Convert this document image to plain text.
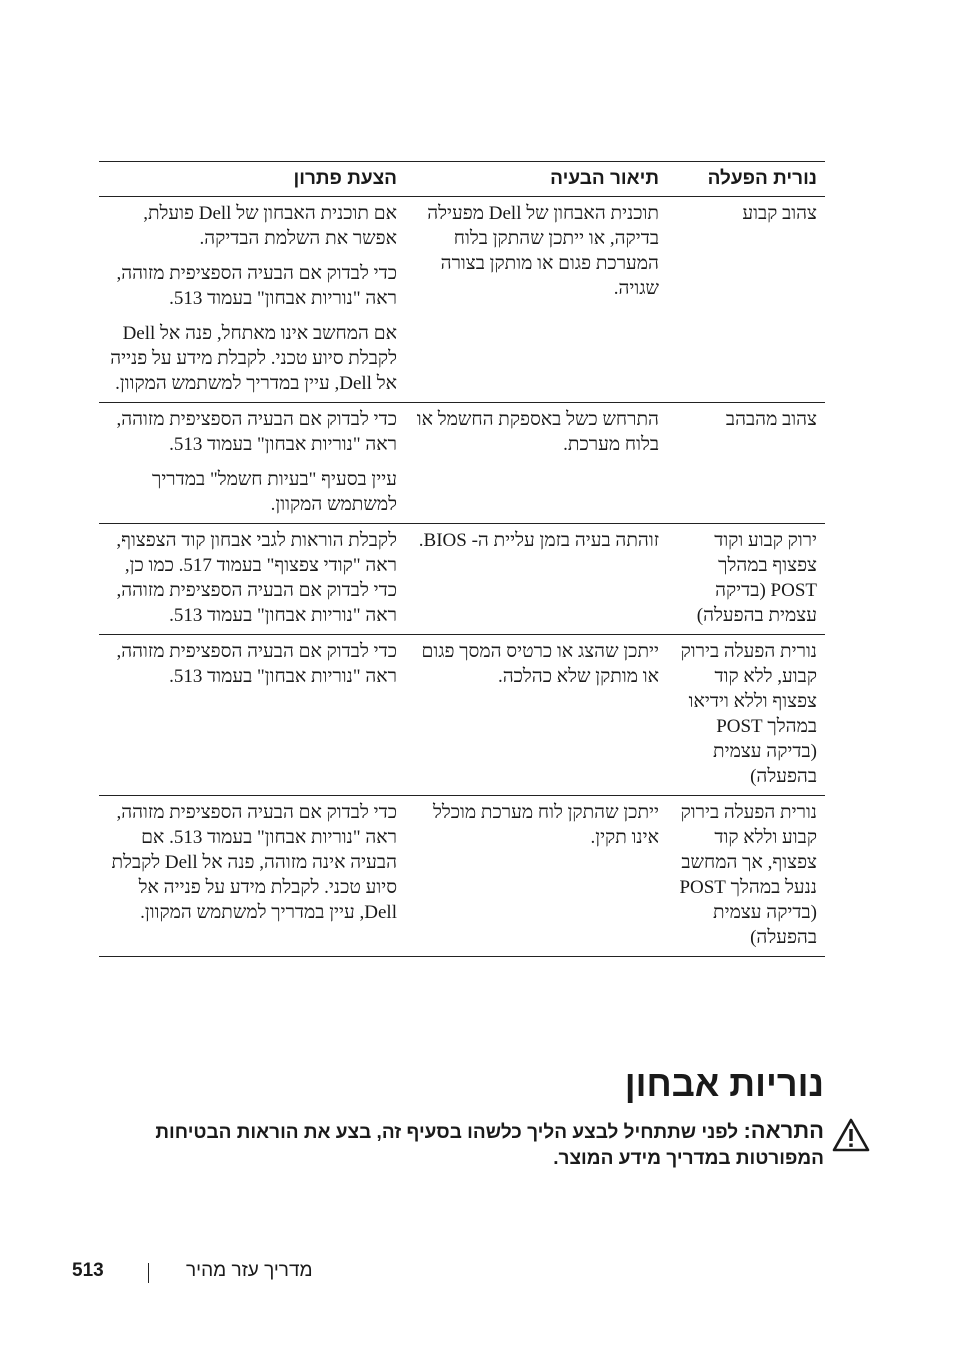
נורית הפעלה	תיאור הבעיה	הצעת פתרון
צהוב קבוע	תוכנית האבחון של Dell מפעילה בדיקה, או ייתכן שהתקן בלוח המערכת פגום או מותקן בצורה שגויה.	אם תוכנית האבחון של Dell פועלת, אפשר את השלמת הבדיקה.
כדי לבדוק אם הבעיה הספציפית מזוהה, ראה "נוריות אבחון" בעמוד 513.
אם המחשב אינו מאתחל, פנה אל Dell לקבלת סיוע טכני. לקבלת מידע על פנייה אל Dell, עיין במדריך למשתמש המקוון.

צהוב מהבהב	התרחש כשל באספקת החשמל או בלוח מערכת.	כדי לבדוק אם הבעיה הספציפית מזוהה, ראה "נוריות אבחון" בעמוד 513.
עיין בסעיף "בעיות חשמל" במדריך למשתמש המקוון.

ירוק קבוע וקוד צפצוף במהלך POST (בדיקה עצמית בהפעלה)	זוהתה בעיה בזמן עליית ה- BIOS.	לקבלת הוראות לגבי אבחון קוד הצפצוף, ראה "קודי צפצוף" בעמוד 517. כמו כן, כדי לבדוק אם הבעיה הספציפית מזוהה, ראה "נוריות אבחון" בעמוד 513.

נורית הפעלה בירוק קבוע, ללא קוד צפצוף וללא וידיאו במהלך POST (בדיקה עצמית בהפעלה)	ייתכן שהצג או כרטיס המסך פגום או מותקן שלא כהלכה.	כדי לבדוק אם הבעיה הספציפית מזוהה, ראה "נוריות אבחון" בעמוד 513.

נורית הפעלה בירוק קבוע וללא קוד צפצוף, אך המחשב ננעל במהלך POST (בדיקה עצמית בהפעלה)	ייתכן שהתקן לוח מערכת מוכלל אינו תקין.	כדי לבדוק אם הבעיה הספציפית מזוהה, ראה "נוריות אבחון" בעמוד 513. אם הבעיה אינה מזוהה, פנה אל Dell לקבלת סיוע טכני. לקבלת מידע על פנייה אל Dell, עיין במדריך למשתמש המקוון.
נוריות אבחון
התראה: לפני שתתחיל לבצע הליך כלשהו בסעיף זה, בצע את הוראות הבטיחות המפורטות במדריך מידע המוצר.
513	מדריך עזר מהיר
